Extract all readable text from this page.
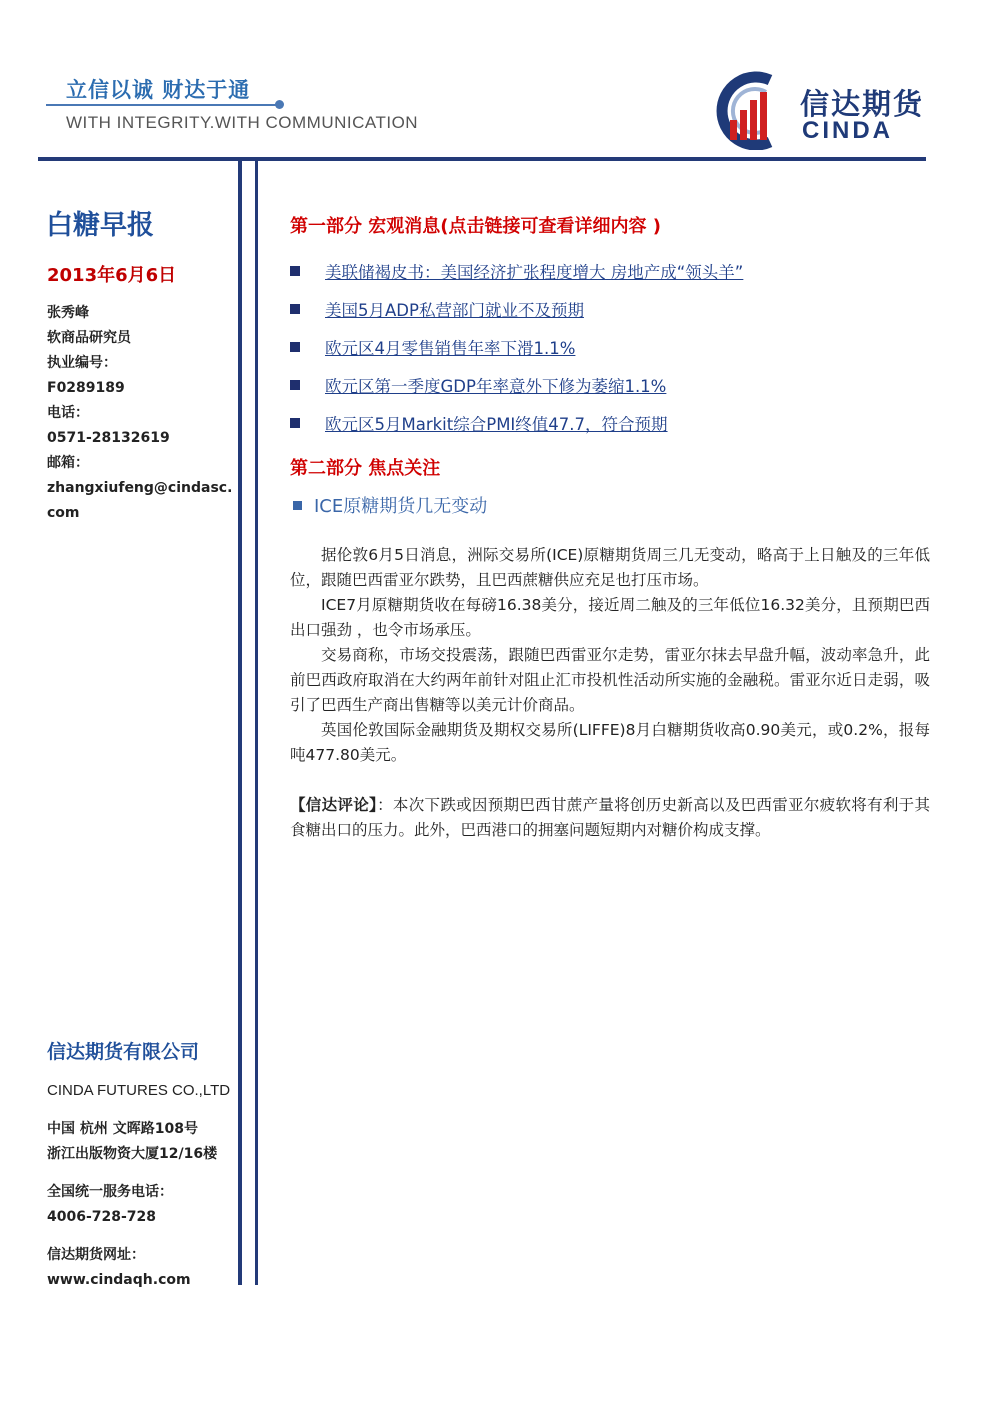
立信以诚 财达于通
WITH INTEGRITY.WITH COMMUNICATION
信达期货
CINDA
白糖早报
2013年6月6日
张秀峰
软商品研究员
执业编号：
F0289189
电话：
0571-28132619
邮箱：
zhangxiufeng@cindasc.com
信达期货有限公司
CINDA FUTURES CO.,LTD
中国 杭州 文晖路108号
浙江出版物资大厦12/16楼
全国统一服务电话：
4006-728-728
信达期货网址：
www.cindaqh.com
第一部分 宏观消息(点击链接可查看详细内容 )
美联储褐皮书：美国经济扩张程度增大 房地产成“领头羊”
美国5月ADP私营部门就业不及预期
欧元区4月零售销售年率下滑1.1%
欧元区第一季度GDP年率意外下修为萎缩1.1%
欧元区5月Markit综合PMI终值47.7，符合预期
第二部分 焦点关注
ICE原糖期货几无变动

据伦敦6月5日消息，洲际交易所(ICE)原糖期货周三几无变动，略高于上日触及的三年低位，跟随巴西雷亚尔跌势，且巴西蔗糖供应充足也打压市场。

ICE7月原糖期货收在每磅16.38美分，接近周二触及的三年低位16.32美分，且预期巴西出口强劲 ，也令市场承压。

交易商称，市场交投震荡，跟随巴西雷亚尔走势，雷亚尔抹去早盘升幅，波动率急升，此前巴西政府取消在大约两年前针对阻止汇市投机性活动所实施的金融税。雷亚尔近日走弱，吸引了巴西生产商出售糖等以美元计价商品。

英国伦敦国际金融期货及期权交易所(LIFFE)8月白糖期货收高0.90美元，或0.2%，报每吨477.80美元。

【信达评论】：本次下跌或因预期巴西甘蔗产量将创历史新高以及巴西雷亚尔疲软将有利于其食糖出口的压力。此外，巴西港口的拥塞问题短期内对糖价构成支撑。
